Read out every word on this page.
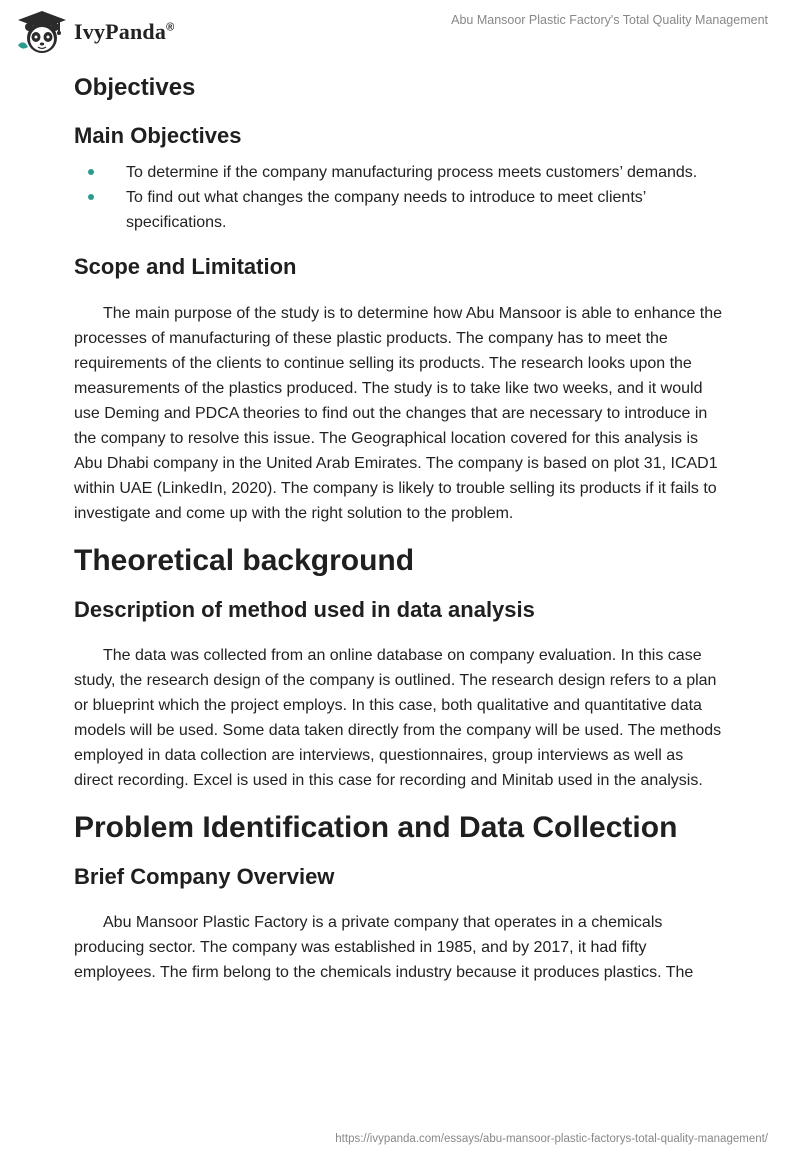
IvyPanda®
Abu Mansoor Plastic Factory's Total Quality Management
Objectives
Main Objectives
To determine if the company manufacturing process meets customers’ demands.
To find out what changes the company needs to introduce to meet clients’ specifications.
Scope and Limitation

The main purpose of the study is to determine how Abu Mansoor is able to enhance the processes of manufacturing of these plastic products. The company has to meet the requirements of the clients to continue selling its products. The research looks upon the measurements of the plastics produced. The study is to take like two weeks, and it would use Deming and PDCA theories to find out the changes that are necessary to introduce in the company to resolve this issue. The Geographical location covered for this analysis is Abu Dhabi company in the United Arab Emirates. The company is based on plot 31, ICAD1 within UAE (LinkedIn, 2020). The company is likely to trouble selling its products if it fails to investigate and come up with the right solution to the problem.

Theoretical background
Description of method used in data analysis

The data was collected from an online database on company evaluation. In this case study, the research design of the company is outlined. The research design refers to a plan or blueprint which the project employs. In this case, both qualitative and quantitative data models will be used. Some data taken directly from the company will be used. The methods employed in data collection are interviews, questionnaires, group interviews as well as direct recording. Excel is used in this case for recording and Minitab used in the analysis.

Problem Identification and Data Collection
Brief Company Overview

Abu Mansoor Plastic Factory is a private company that operates in a chemicals producing sector. The company was established in 1985, and by 2017, it had fifty employees. The firm belong to the chemicals industry because it produces plastics. The

https://ivypanda.com/essays/abu-mansoor-plastic-factorys-total-quality-management/
